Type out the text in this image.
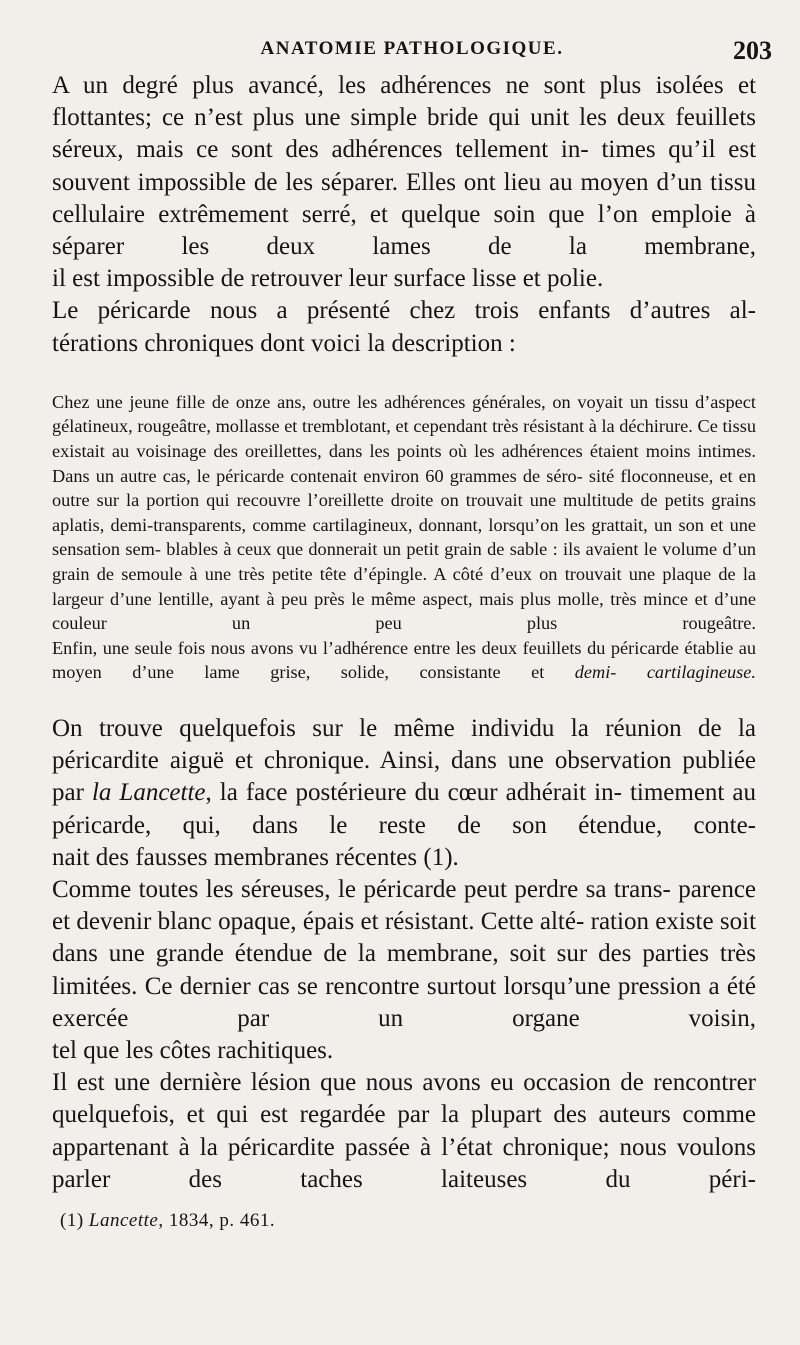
ANATOMIE PATHOLOGIQUE.	203

A un degré plus avancé, les adhérences ne sont plus isolées et flottantes; ce n’est plus une simple bride qui unit les deux feuillets séreux, mais ce sont des adhérences tellement in- times qu’il est souvent impossible de les séparer. Elles ont lieu au moyen d’un tissu cellulaire extrêmement serré, et quelque soin que l’on emploie à séparer les deux lames de la membrane,
il est impossible de retrouver leur surface lisse et polie.

Le péricarde nous a présenté chez trois enfants d’autres al-
térations chroniques dont voici la description :

Chez une jeune fille de onze ans, outre les adhérences générales, on voyait un tissu d’aspect gélatineux, rougeâtre, mollasse et tremblotant, et cependant très résistant à la déchirure. Ce tissu existait au voisinage des oreillettes, dans les points où les adhérences étaient moins intimes.

Dans un autre cas, le péricarde contenait environ 60 grammes de séro- sité floconneuse, et en outre sur la portion qui recouvre l’oreillette droite on trouvait une multitude de petits grains aplatis, demi-transparents, comme cartilagineux, donnant, lorsqu’on les grattait, un son et une sensation sem- blables à ceux que donnerait un petit grain de sable : ils avaient le volume d’un grain de semoule à une très petite tête d’épingle. A côté d’eux on trouvait une plaque de la largeur d’une lentille, ayant à peu près le même aspect, mais plus molle, très mince et d’une couleur un peu plus rougeâtre.

Enfin, une seule fois nous avons vu l’adhérence entre les deux feuillets du péricarde établie au moyen d’une lame grise, solide, consistante et demi- cartilagineuse.

On trouve quelquefois sur le même individu la réunion de la péricardite aiguë et chronique. Ainsi, dans une observation publiée par la Lancette, la face postérieure du cœur adhérait in- timement au péricarde, qui, dans le reste de son étendue, conte-
nait des fausses membranes récentes (1).

Comme toutes les séreuses, le péricarde peut perdre sa trans- parence et devenir blanc opaque, épais et résistant. Cette alté- ration existe soit dans une grande étendue de la membrane, soit sur des parties très limitées. Ce dernier cas se rencontre surtout lorsqu’une pression a été exercée par un organe voisin,
tel que les côtes rachitiques.

Il est une dernière lésion que nous avons eu occasion de rencontrer quelquefois, et qui est regardée par la plupart des auteurs comme appartenant à la péricardite passée à l’état chronique; nous voulons parler des taches laiteuses du péri-

(1) Lancette, 1834, p. 461.
